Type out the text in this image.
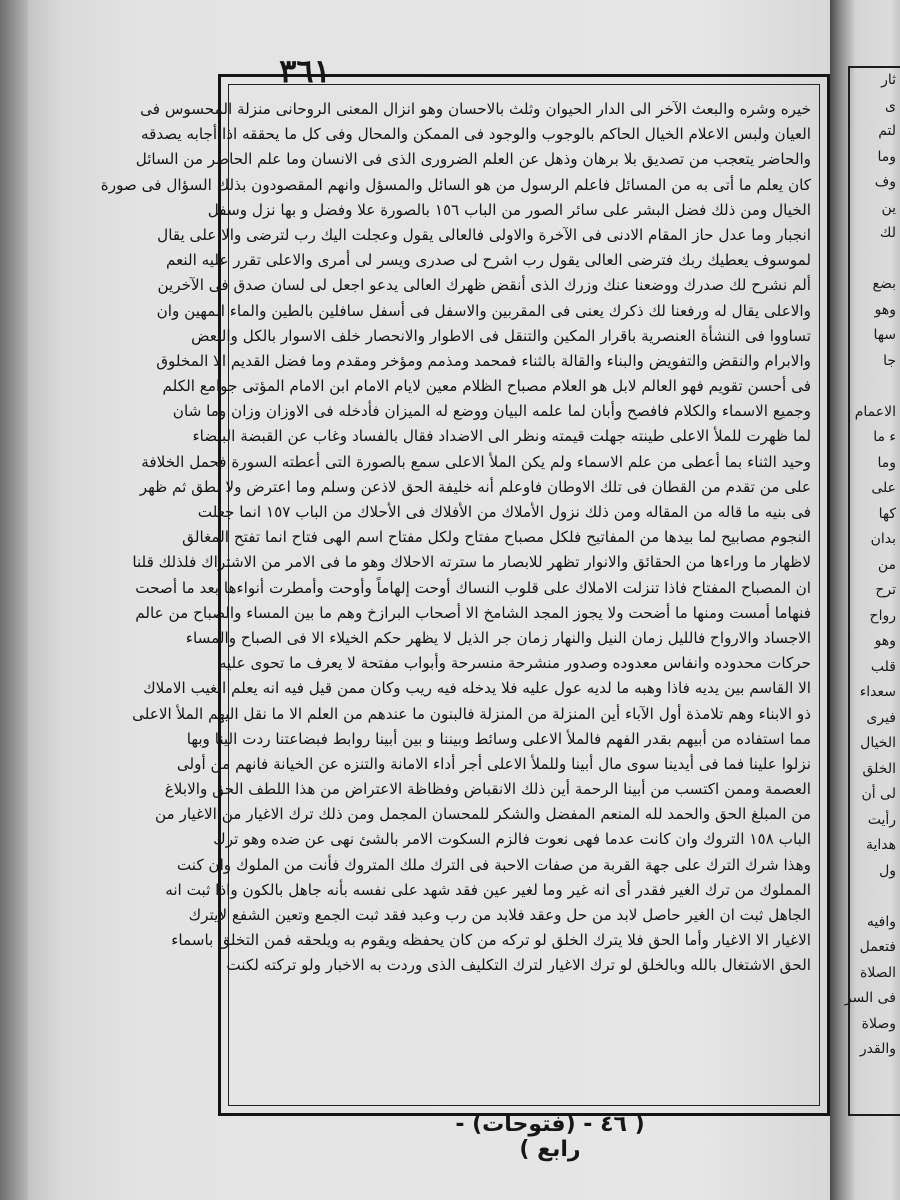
٣٦١
خيره وشره والبعث الآخر الى الدار الحيوان وثلث بالاحسان وهو انزال المعنى الروحانى منزلة المحسوس فى
العيان ولبس الاعلام الخيال الحاكم بالوجوب والوجود فى الممكن والمحال وفى كل ما يحققه اذا أجابه يصدقه
والحاضر يتعجب من تصديق بلا برهان وذهل عن العلم الضرورى الذى فى الانسان وما علم الحاضر من السائل
كان يعلم ما أتى به من المسائل فاعلم الرسول من هو السائل والمسؤل وانهم المقصودون بذلك السؤال فى صورة
الخيال ومن ذلك فضل البشر على سائر الصور من الباب ١٥٦ بالصورة علا وفضل و بها نزل وسفل
انجبار وما عدل حاز المقام الادنى فى الآخرة والاولى فالعالى يقول وعجلت اليك رب لترضى والا على يقال
لموسوف يعطيك ربك فترضى العالى يقول رب اشرح لى صدرى ويسر لى أمرى والاعلى تقرر عليه النعم
ألم نشرح لك صدرك ووضعنا عنك وزرك الذى أنقض ظهرك العالى يدعو اجعل لى لسان صدق فى الآخرين
والاعلى يقال له ورفعنا لك ذكرك يعنى فى المقربين والاسفل فى أسفل سافلين بالطين والماء المهين وان
تساووا فى النشأة العنصرية باقرار المكين والتنقل فى الاطوار والانحصار خلف الاسوار بالكل والبعض
والابرام والنقض والتفويض والبناء والقالة بالثناء فمحمد ومذمم ومؤخر ومقدم وما فضل القديم الا المخلوق
فى أحسن تقويم فهو العالم لابل هو العلام مصباح الظلام معين لايام الامام ابن الامام المؤتى جوامع الكلم
وجميع الاسماء والكلام فافصح وأبان لما علمه البيان ووضع له الميزان فأدخله فى الاوزان وزان وما شان
لما ظهرت للملأ الاعلى طينته جهلت قيمته ونظر الى الاضداد فقال بالفساد وغاب عن القبضة البيضاء
وحيد الثناء بما أعطى من علم الاسماء ولم يكن الملأ الاعلى سمع بالصورة التى أعطته السورة فحمل الخلافة
على من تقدم من القطان فى تلك الاوطان فاوعلم أنه خليفة الحق لاذعن وسلم وما اعترض ولا نطق ثم ظهر
فى بنيه ما قاله من المقاله ومن ذلك نزول الأملاك من الأفلاك فى الأحلاك من الباب ١٥٧ انما جعلت
النجوم مصابيح لما بيدها من المفاتيح فلكل مصباح مفتاح ولكل مفتاح اسم الهى فتاح انما تفتح المغالق
لاظهار ما وراءها من الحقائق والانوار تظهر للابصار ما سترته الاحلاك وهو ما فى الامر من الاشتراك فلذلك قلنا
ان المصباح المفتاح فاذا تنزلت الاملاك على قلوب النساك أوحت إلهاماً وأوحت وأمطرت أنواءها بعد ما أصحت
فنهاما أمست ومنها ما أضحت ولا يجوز المجد الشامخ الا أصحاب البرازخ وهم ما بين المساء والصباح من عالم
الاجساد والارواح فالليل زمان النيل والنهار زمان جر الذيل لا يظهر حكم الخيلاء الا فى الصباح والمساء
حركات محدوده وانفاس معدوده وصدور منشرحة منسرحة وأبواب مفتحة لا يعرف ما تحوى عليه
الا القاسم بين يديه فاذا وهبه ما لديه عول عليه فلا يدخله فيه ريب وكان ممن قيل فيه انه يعلم الغيب الاملاك
ذو الابناء وهم تلامذة أول الآباء أين المنزلة من المنزلة فالبنون ما عندهم من العلم الا ما نقل اليهم الملأ الاعلى
مما استفاده من أبيهم بقدر الفهم فالملأ الاعلى وسائط وبيننا و بين أبينا روابط فبضاعتنا ردت الينا وبها
نزلوا علينا فما فى أيدينا سوى مال أبينا وللملأ الاعلى أجر أداء الامانة والتنزه عن الخيانة فانهم من أولى
العصمة وممن اكتسب من أبينا الرحمة أين ذلك الانقباض وفظاظة الاعتراض من هذا اللطف الحق والابلاغ
من المبلغ الحق والحمد لله المنعم المفضل والشكر للمحسان المجمل ومن ذلك ترك الاغيار من الاغيار من
الباب ١٥٨ التروك وان كانت عدما فهى نعوت فالزم السكوت الامر بالشئ نهى عن ضده وهو ترك
وهذا شرك الترك على جهة القربة من صفات الاحبة فى الترك ملك المتروك فأنت من الملوك وان كنت
المملوك من ترك الغير فقدر أى انه غير وما لغير عين فقد شهد على نفسه بأنه جاهل بالكون واذا ثبت انه
الجاهل ثبت ان الغير حاصل لابد من حل وعقد فلابد من رب وعبد فقد ثبت الجمع وتعين الشفع لايترك
الاغيار الا الاغيار وأما الحق فلا يترك الخلق لو تركه من كان يحفظه ويقوم به ويلحقه فمن التخلق باسماء
الحق الاشتغال بالله وبالخلق لو ترك الاغيار لترك التكليف الذى وردت به الاخبار ولو تركته لكنت
( ٤٦ - (فتوحات) - رابع )
ثار
ى
لتم
وما
وف
ين
لك
بضع
وهو
سها
جا
الاعمام
ء ما
وما
على
كها
بدان
من
ترح
رواح
وهو
قلب
سعداء
فيرى
الخيال
الخلق
لى أن
رأيت
هداية
ول
وافيه
فتعمل
الصلاة
فى السر
وصلاة
والقدر
